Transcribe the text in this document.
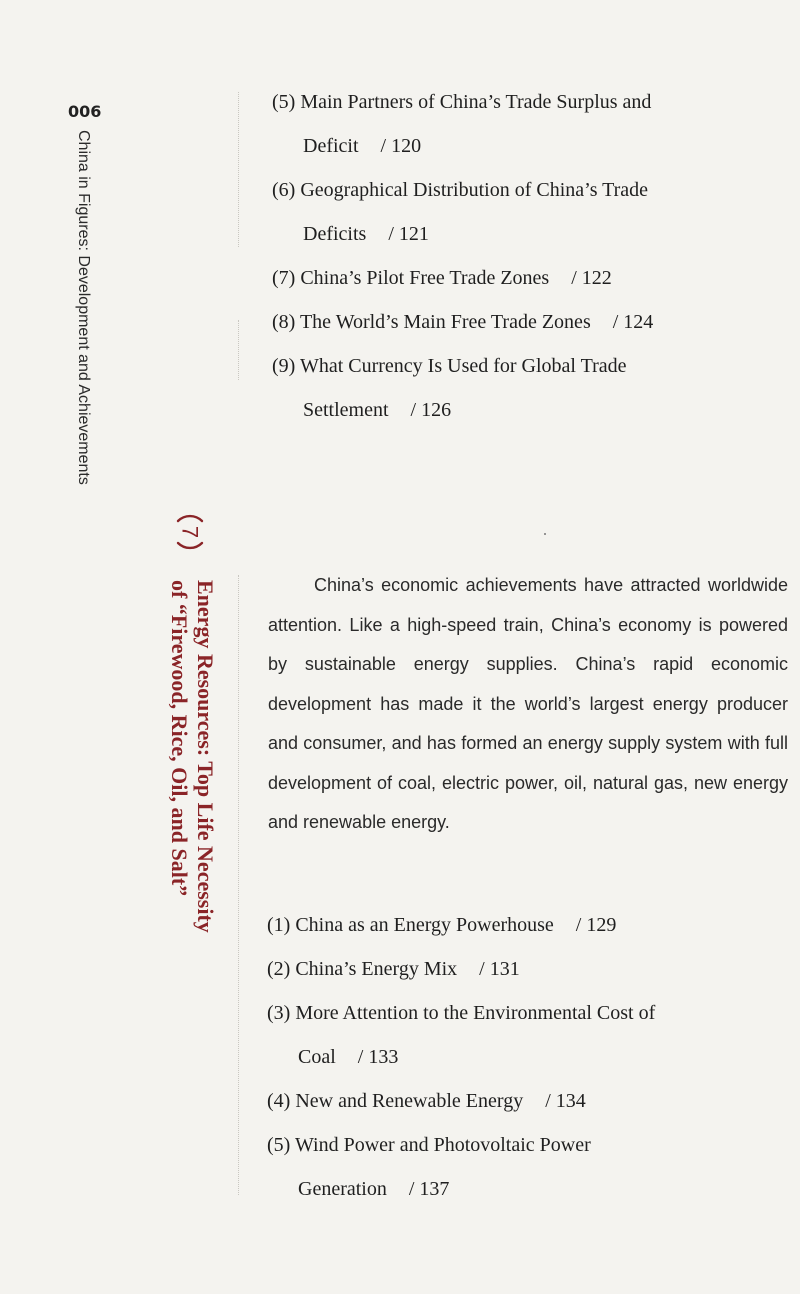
006
China in Figures: Development and Achievements
(5) Main Partners of China’s Trade Surplus and
Deficit / 120
(6) Geographical Distribution of China’s Trade
Deficits / 121
(7) China’s Pilot Free Trade Zones / 122
(8) The World’s Main Free Trade Zones / 124
(9) What Currency Is Used for Global Trade
Settlement / 126
7
Energy Resources: Top Life Necessity
of “Firewood, Rice, Oil, and Salt”	China’s economic achievements have attracted worldwide attention. Like a high-speed train, China’s economy is powered by sustainable energy supplies. China’s rapid economic development has made it the world’s largest energy producer and consumer, and has formed an energy supply system with full development of coal, electric power, oil, natural gas, new energy and renewable energy.

(1) China as an Energy Powerhouse / 129
(2) China’s Energy Mix / 131
(3) More Attention to the Environmental Cost of
Coal / 133
(4) New and Renewable Energy / 134
(5) Wind Power and Photovoltaic Power
Generation / 137
